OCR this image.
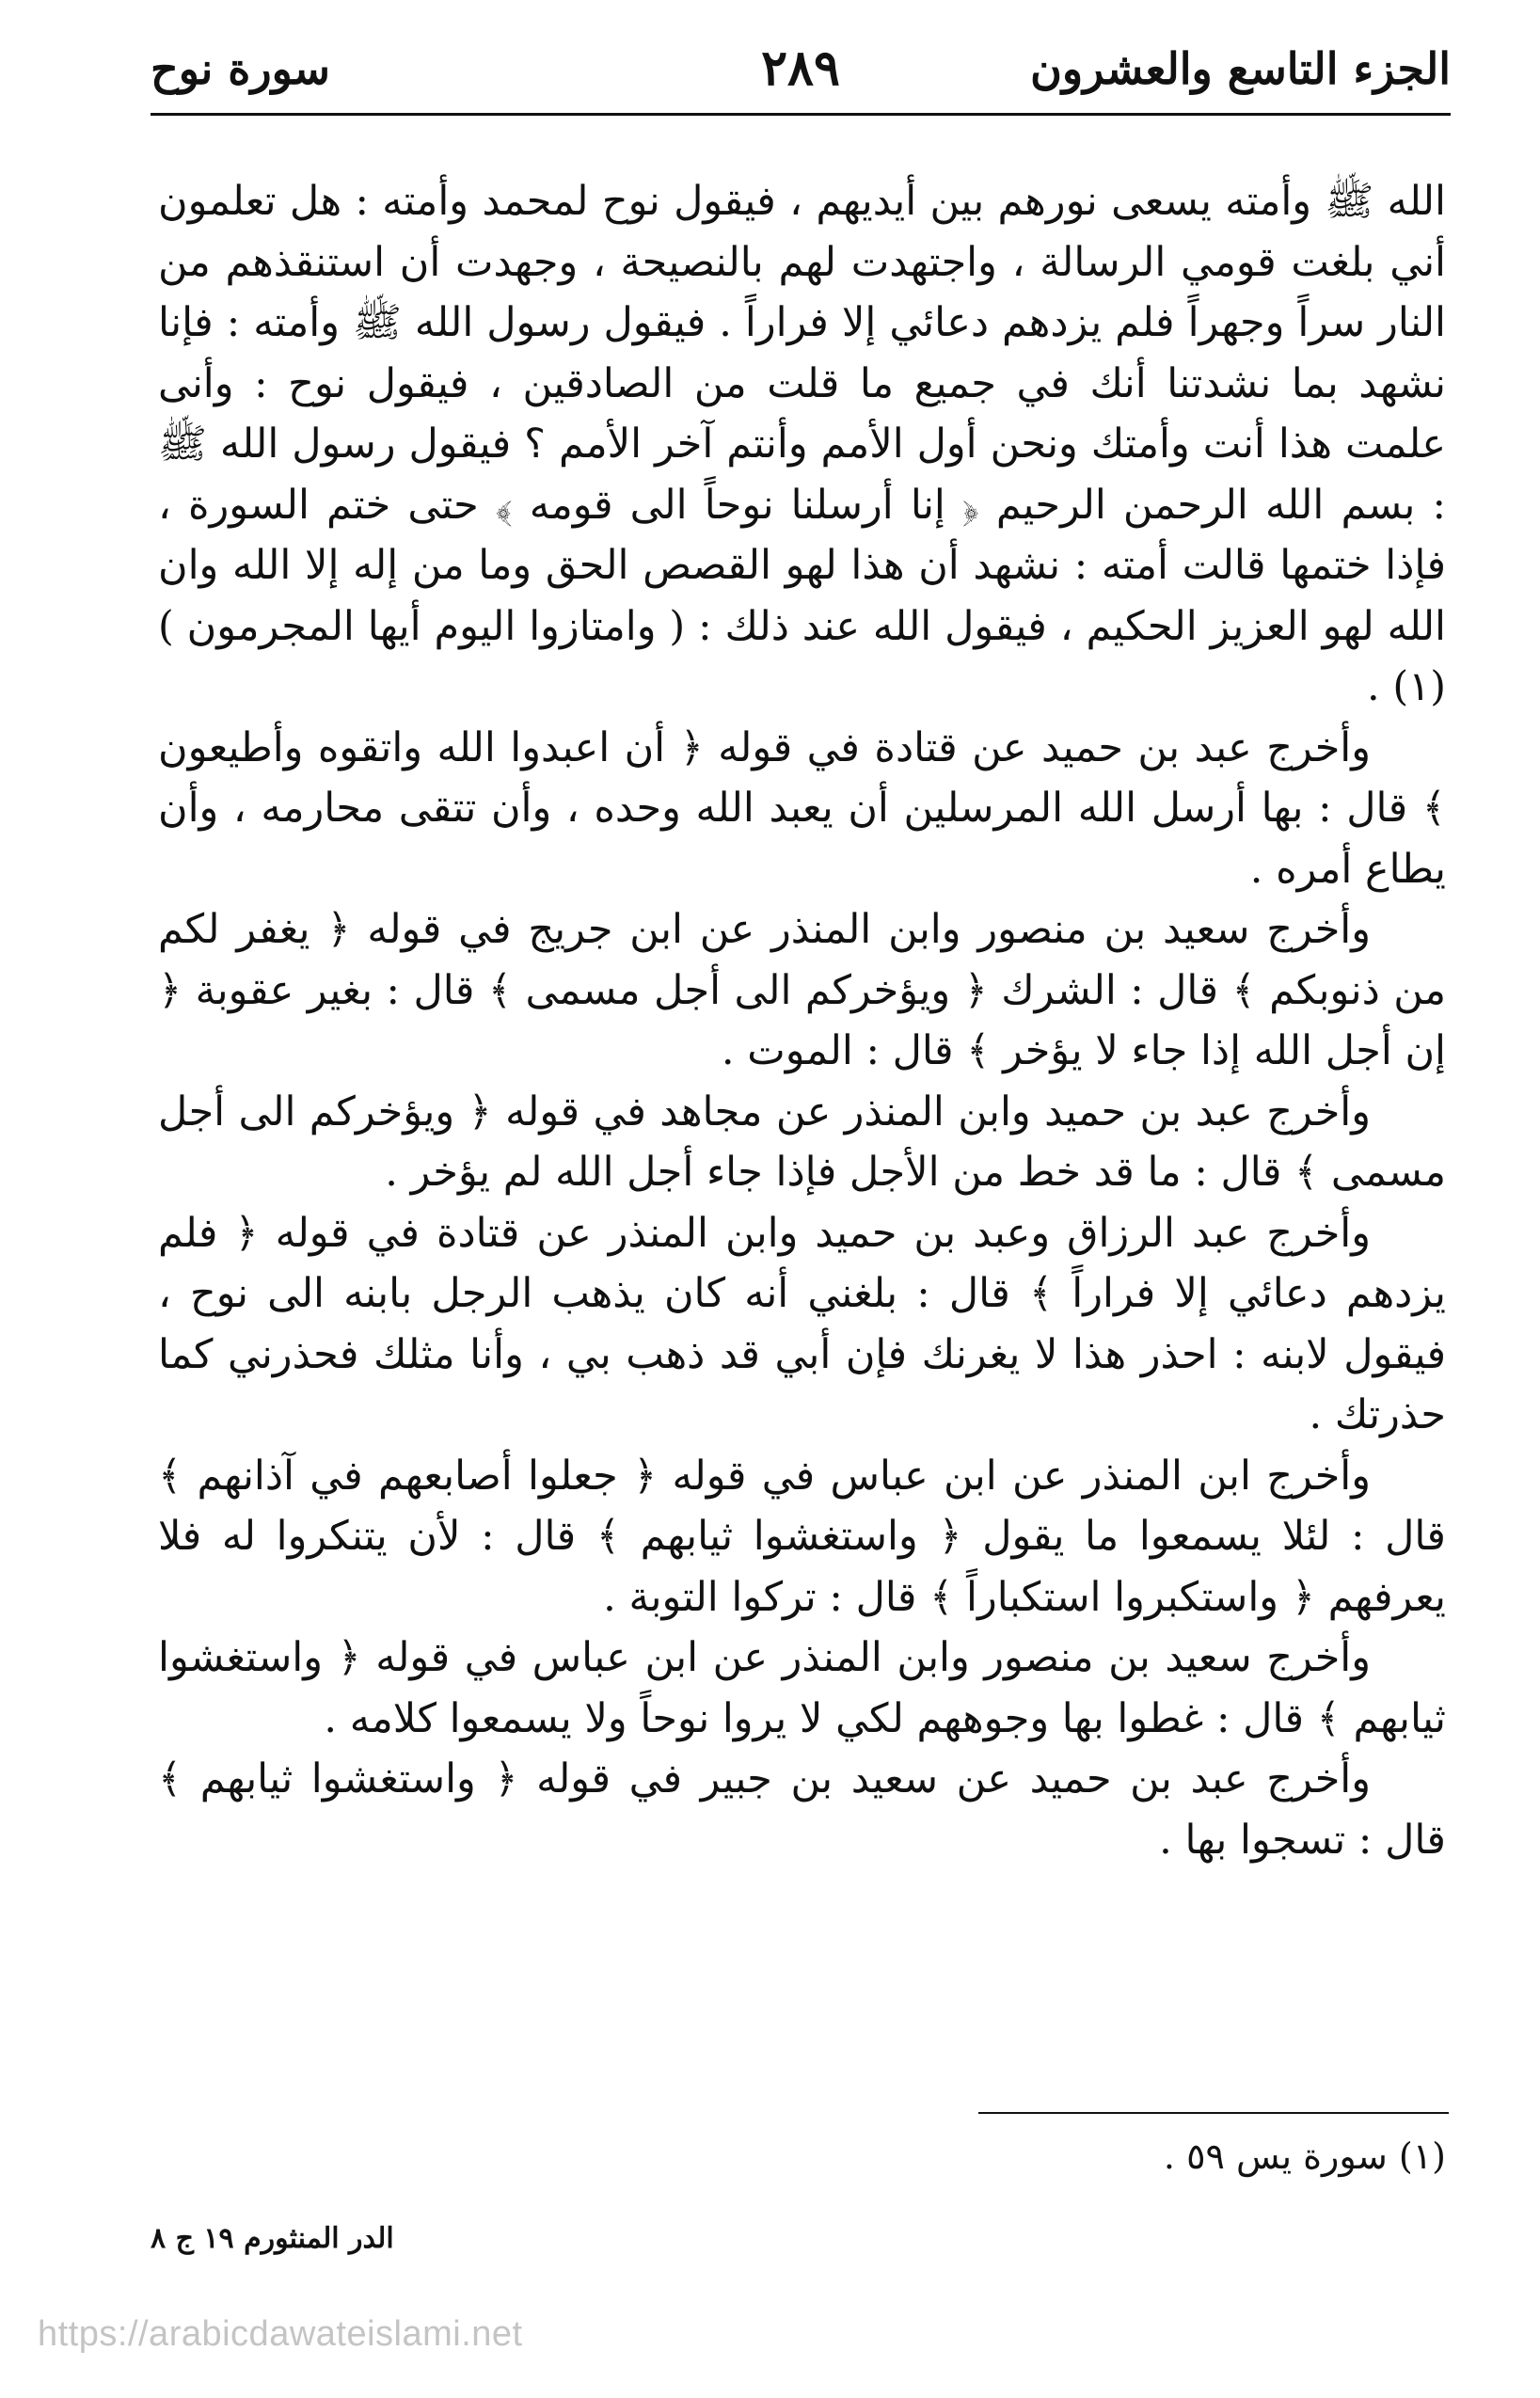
الجزء التاسع والعشرون
٢٨٩
سورة نوح

الله ﷺ وأمته يسعى نورهم بين أيديهم ، فيقول نوح لمحمد وأمته : هل تعلمون أني بلغت قومي الرسالة ، واجتهدت لهم بالنصيحة ، وجهدت أن استنقذهم من النار سراً وجهراً فلم يزدهم دعائي إلا فراراً . فيقول رسول الله ﷺ وأمته : فإنا نشهد بما نشدتنا أنك في جميع ما قلت من الصادقين ، فيقول نوح : وأنى علمت هذا أنت وأمتك ونحن أول الأمم وأنتم آخر الأمم ؟ فيقول رسول الله ﷺ : بسم الله الرحمن الرحيم ﴿ إنا أرسلنا نوحاً الى قومه ﴾ حتى ختم السورة ، فإذا ختمها قالت أمته : نشهد أن هذا لهو القصص الحق وما من إله إلا الله وان الله لهو العزيز الحكيم ، فيقول الله عند ذلك : ( وامتازوا اليوم أيها المجرمون )(١) .

وأخرج عبد بن حميد عن قتادة في قوله ﴿ أن اعبدوا الله واتقوه وأطيعون ﴾ قال : بها أرسل الله المرسلين أن يعبد الله وحده ، وأن تتقى محارمه ، وأن يطاع أمره .

وأخرج سعيد بن منصور وابن المنذر عن ابن جريج في قوله ﴿ يغفر لكم من ذنوبكم ﴾ قال : الشرك ﴿ ويؤخركم الى أجل مسمى ﴾ قال : بغير عقوبة ﴿ إن أجل الله إذا جاء لا يؤخر ﴾ قال : الموت .

وأخرج عبد بن حميد وابن المنذر عن مجاهد في قوله ﴿ ويؤخركم الى أجل مسمى ﴾ قال : ما قد خط من الأجل فإذا جاء أجل الله لم يؤخر .

وأخرج عبد الرزاق وعبد بن حميد وابن المنذر عن قتادة في قوله ﴿ فلم يزدهم دعائي إلا فراراً ﴾ قال : بلغني أنه كان يذهب الرجل بابنه الى نوح ، فيقول لابنه : احذر هذا لا يغرنك فإن أبي قد ذهب بي ، وأنا مثلك فحذرني كما حذرتك .

وأخرج ابن المنذر عن ابن عباس في قوله ﴿ جعلوا أصابعهم في آذانهم ﴾ قال : لئلا يسمعوا ما يقول ﴿ واستغشوا ثيابهم ﴾ قال : لأن يتنكروا له فلا يعرفهم ﴿ واستكبروا استكباراً ﴾ قال : تركوا التوبة .

وأخرج سعيد بن منصور وابن المنذر عن ابن عباس في قوله ﴿ واستغشوا ثيابهم ﴾ قال : غطوا بها وجوههم لكي لا يروا نوحاً ولا يسمعوا كلامه .

وأخرج عبد بن حميد عن سعيد بن جبير في قوله ﴿ واستغشوا ثيابهم ﴾ قال : تسجوا بها .

(١) سورة يس ٥٩ .
الدر المنثورم ١٩ ج ٨
https://arabicdawateislami.net
